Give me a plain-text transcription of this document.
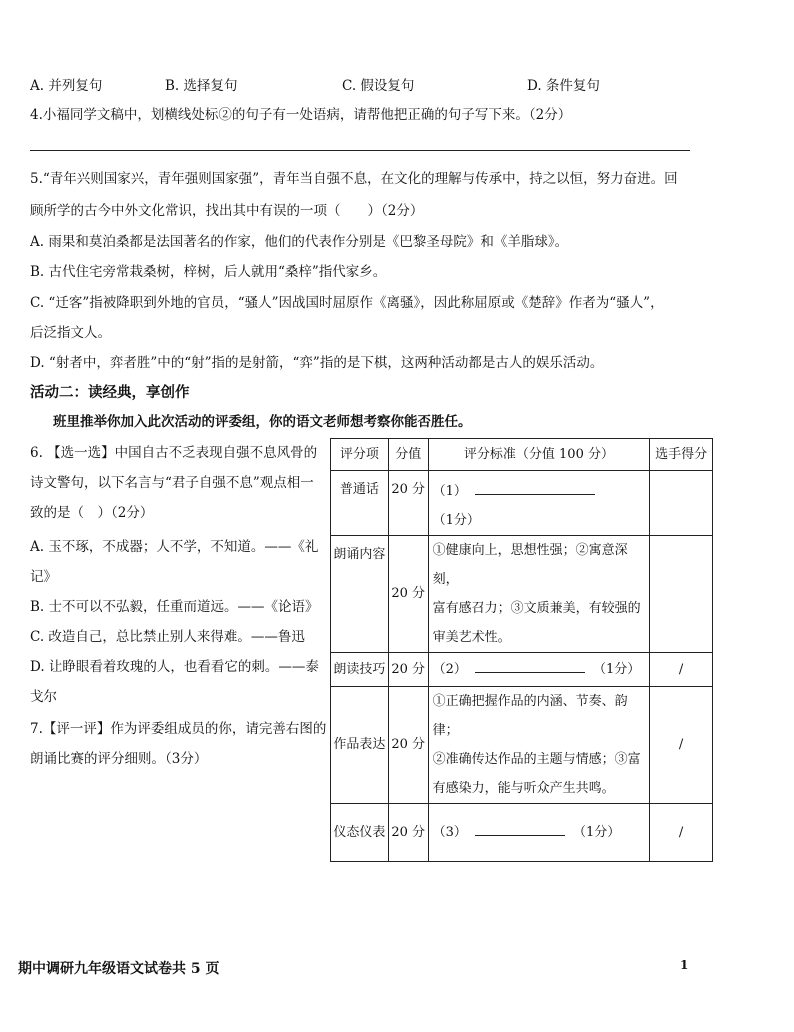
A. 并列复句	B. 选择复句	C. 假设复句	D. 条件复句
4.小福同学文稿中，划横线处标②的句子有一处语病，请帮他把正确的句子写下来。（2分）
5.“青年兴则国家兴，青年强则国家强”，青年当自强不息，在文化的理解与传承中，持之以恒，努力奋进。回
顾所学的古今中外文化常识，找出其中有误的一项（　　）（2分）
A. 雨果和莫泊桑都是法国著名的作家，他们的代表作分别是《巴黎圣母院》和《羊脂球》。
B. 古代住宅旁常栽桑树，梓树，后人就用“桑梓”指代家乡。
C. “迁客”指被降职到外地的官员，“骚人”因战国时屈原作《离骚》，因此称屈原或《楚辞》作者为“骚人”，
后泛指文人。
D. “射者中，弈者胜”中的“射”指的是射箭，“弈”指的是下棋，这两种活动都是古人的娱乐活动。
活动二：读经典，享创作
班里推举你加入此次活动的评委组，你的语文老师想考察你能否胜任。
6. 【选一选】中国自古不乏表现自强不息风骨的
诗文警句，以下名言与“君子自强不息”观点相一
致的是（　）（2分）
A. 玉不琢，不成器；人不学，不知道。——《礼
记》
B. 士不可以不弘毅，任重而道远。——《论语》
C. 改造自己，总比禁止别人来得难。——鲁迅
D. 让睁眼看着玫瑰的人，也看看它的刺。——泰
戈尔
7.【评一评】作为评委组成员的你，请完善右图的
朗诵比赛的评分细则。（3分）
评分项	分值	评分标准（分值 100 分）	选手得分
普通话	20 分	（1）（1分）	
朗诵内容	20 分	①健康向上，思想性强；②寓意深刻，
富有感召力；③文质兼美，有较强的
审美艺术性。	

朗读技巧	20 分	（2） （1分）	/
作品表达	20 分	①正确把握作品的内涵、节奏、韵律；
②准确传达作品的主题与情感；③富
有感染力，能与听众产生共鸣。	/
仪态仪表	20 分	（3） （1分）	/
期中调研九年级语文试卷共 5 页	1
